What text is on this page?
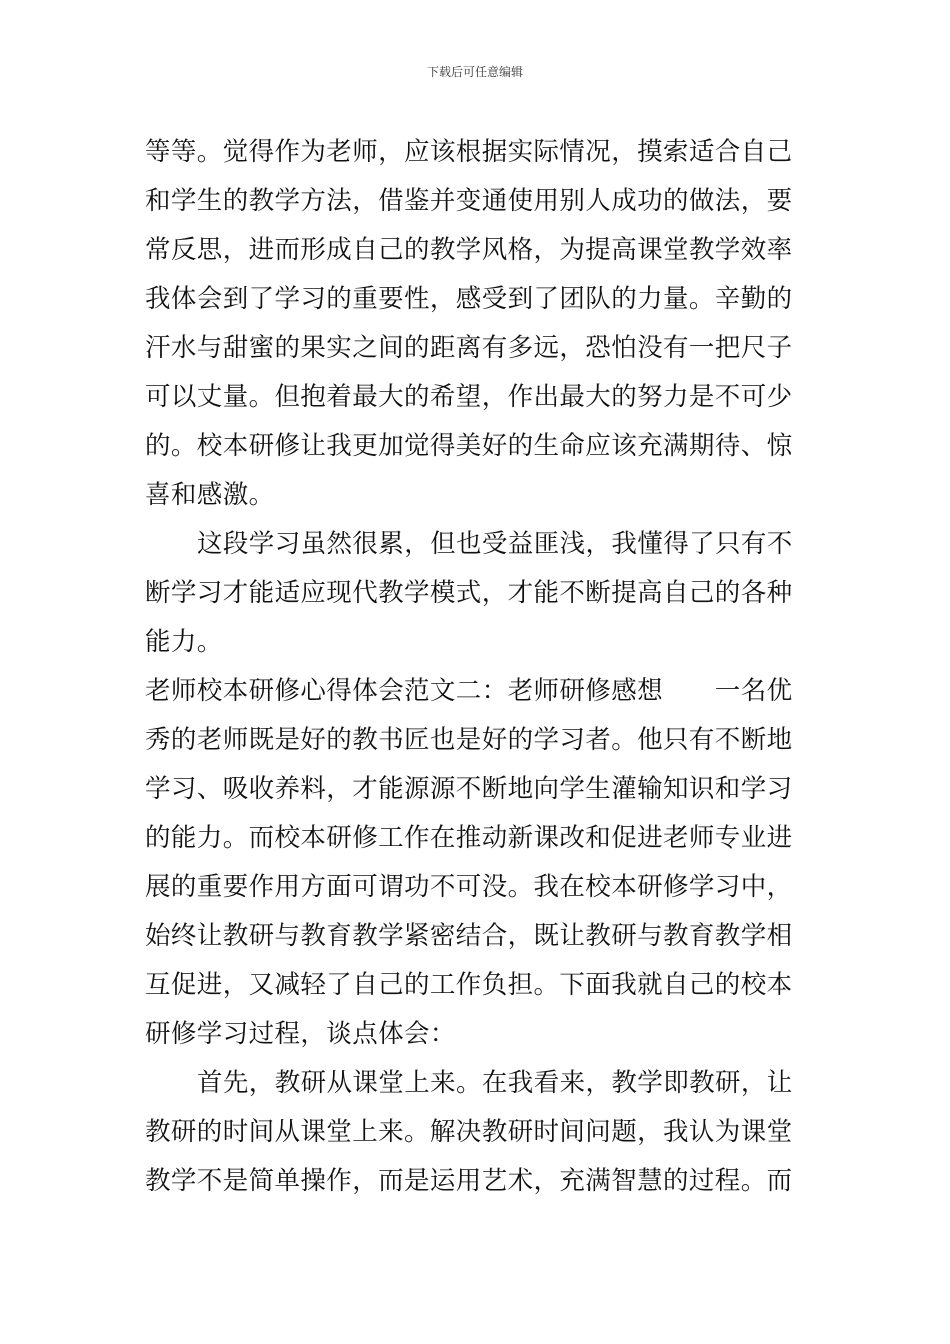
下载后可任意编辑
等等。觉得作为老师，应该根据实际情况，摸索适合自己
和学生的教学方法，借鉴并变通使用别人成功的做法，要
常反思，进而形成自己的教学风格，为提高课堂教学效率
我体会到了学习的重要性，感受到了团队的力量。辛勤的
汗水与甜蜜的果实之间的距离有多远，恐怕没有一把尺子
可以丈量。但抱着最大的希望，作出最大的努力是不可少
的。校本研修让我更加觉得美好的生命应该充满期待、惊
喜和感激。
这段学习虽然很累，但也受益匪浅，我懂得了只有不
断学习才能适应现代教学模式，才能不断提高自己的各种
能力。
老师校本研修心得体会范文二：老师研修感想　　一名优
秀的老师既是好的教书匠也是好的学习者。他只有不断地
学习、吸收养料，才能源源不断地向学生灌输知识和学习
的能力。而校本研修工作在推动新课改和促进老师专业进
展的重要作用方面可谓功不可没。我在校本研修学习中，
始终让教研与教育教学紧密结合，既让教研与教育教学相
互促进，又减轻了自己的工作负担。下面我就自己的校本
研修学习过程，谈点体会：
首先，教研从课堂上来。在我看来，教学即教研，让
教研的时间从课堂上来。解决教研时间问题，我认为课堂
教学不是简单操作，而是运用艺术，充满智慧的过程。而
